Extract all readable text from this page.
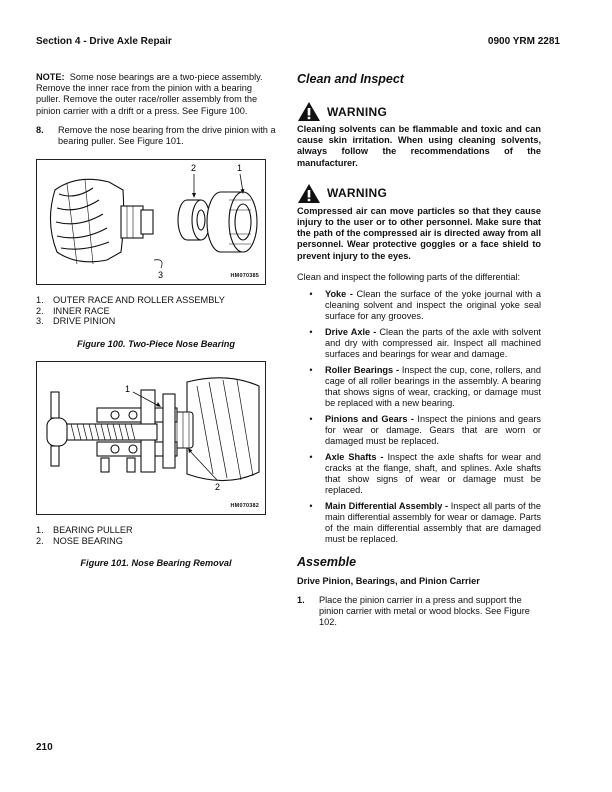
Section 4 - Drive Axle Repair	0900 YRM 2281

NOTE: Some nose bearings are a two-piece assembly. Remove the inner race from the pinion with a bearing puller. Remove the outer race/roller assembly from the pinion carrier with a drift or a press. See Figure 100.

8.	Remove the nose bearing from the drive pinion with a bearing puller. See Figure 101.
2	1
3	HM070385
1.	OUTER RACE AND ROLLER ASSEMBLY
2.	INNER RACE
3.	DRIVE PINION
Figure 100. Two-Piece Nose Bearing
1
2
HM070382
1.	BEARING PULLER
2.	NOSE BEARING
Figure 101. Nose Bearing Removal
Clean and Inspect
WARNING
Cleaning solvents can be flammable and toxic and can cause skin irritation. When using cleaning solvents, always follow the recommendations of the manufacturer.
WARNING
Compressed air can move particles so that they cause injury to the user or to other personnel. Make sure that the path of the compressed air is directed away from all personnel. Wear protective goggles or a face shield to prevent injury to the eyes.

Clean and inspect the following parts of the differential:

•	Yoke - Clean the surface of the yoke journal with a cleaning solvent and inspect the original yoke seal surface for any grooves.
•	Drive Axle - Clean the parts of the axle with solvent and dry with compressed air. Inspect all machined surfaces and bearings for wear and damage.
•	Roller Bearings - Inspect the cup, cone, rollers, and cage of all roller bearings in the assembly. A bearing that shows signs of wear, cracking, or damage must be replaced with a new bearing.
•	Pinions and Gears - Inspect the pinions and gears for wear or damage. Gears that are worn or damaged must be replaced.
•	Axle Shafts - Inspect the axle shafts for wear and cracks at the flange, shaft, and splines. Axle shafts that show signs of wear or damage must be replaced.
•	Main Differential Assembly - Inspect all parts of the main differential assembly for wear or damage. Parts of the main differential assembly that are damaged must be replaced.
Assemble
Drive Pinion, Bearings, and Pinion Carrier
1.	Place the pinion carrier in a press and support the pinion carrier with metal or wood blocks. See Figure 102.
210
